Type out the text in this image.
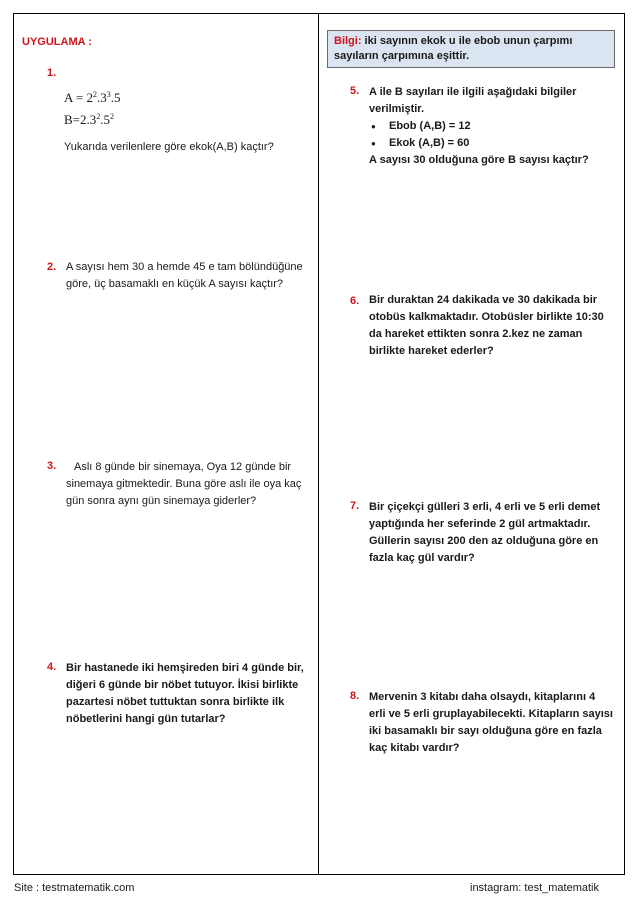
UYGULAMA :	Bilgi: iki sayının ekok u ile ebob unun çarpımı sayıların çarpımına eşittir.
1.
$A = 2^2.3^3.5$
$B=2.3^2.5^2$
Yukarıda verilenlere göre ekok(A,B) kaçtır?
2. A sayısı hem 30 a hemde 45 e tam bölündüğüne göre, üç basamaklı en küçük A sayısı kaçtır?
3.	Aslı 8 günde bir sinemaya, Oya 12 günde bir sinemaya gitmektedir. Buna göre aslı ile oya kaç gün sonra aynı gün sinemaya giderler?
4. Bir hastanede iki hemşireden biri 4 günde bir, diğeri 6 günde bir nöbet tutuyor. İkisi birlikte pazartesi nöbet tuttuktan sonra birlikte ilk nöbetlerini hangi gün tutarlar?
5. A ile B sayıları ile ilgili aşağıdaki bilgiler verilmiştir.
● Ebob (A,B) = 12
● Ekok (A,B) = 60
A sayısı 30 olduğuna göre B sayısı kaçtır?
6. Bir duraktan 24 dakikada ve 30 dakikada bir otobüs kalkmaktadır. Otobüsler birlikte 10:30 da hareket ettikten sonra 2.kez ne zaman birlikte hareket ederler?
7. Bir çiçekçi gülleri 3 erli, 4 erli ve 5 erli demet yaptığında her seferinde 2 gül artmaktadır. Güllerin sayısı 200 den az olduğuna göre en fazla kaç gül vardır?
8. Mervenin 3 kitabı daha olsaydı, kitaplarını 4 erli ve 5 erli gruplayabilecekti. Kitapların sayısı iki basamaklı bir sayı olduğuna göre en fazla kaç kitabı vardır?
Site : testmatematik.com	instagram: test_matematik
